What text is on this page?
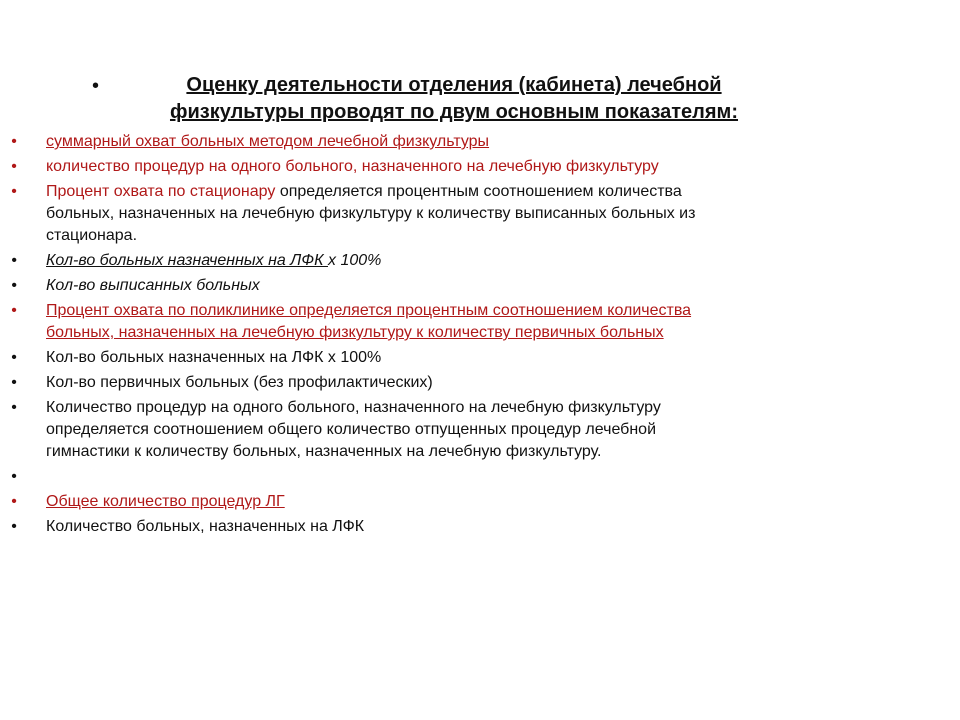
•	Оценку деятельности отделения (кабинета) лечебной
физкультуры проводят по двум основным показателям:
• суммарный охват больных методом лечебной физкультуры
• количество процедур на одного больного, назначенного на лечебную физкультуру
• Процент охвата по стационару определяется процентным соотношением количества
больных, назначенных на лечебную физкультуру к количеству выписанных больных из
стационара.
• Кол-во больных назначенных на ЛФК х 100%
• Кол-во выписанных больных
• Процент охвата по поликлинике определяется процентным соотношением количества
больных, назначенных на лечебную физкультуру к количеству первичных больных
• Кол-во больных назначенных на ЛФК х 100%
• Кол-во первичных больных (без профилактических)
• Количество процедур на одного больного, назначенного на лечебную физкультуру
определяется соотношением общего количество отпущенных процедур лечебной
гимнастики к количеству больных, назначенных на лечебную физкультуру.
•

• Общее количество процедур ЛГ
• Количество больных, назначенных на ЛФК
